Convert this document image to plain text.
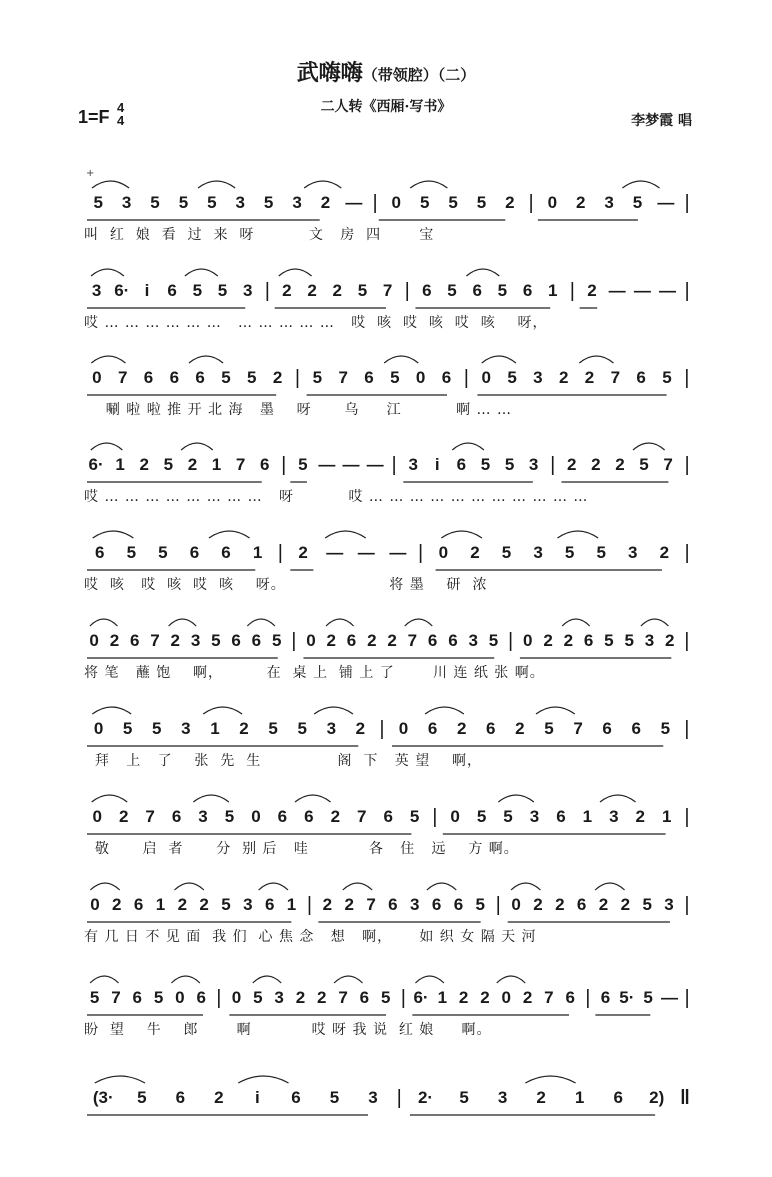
武嗨嗨（带领腔）（二）
二人转《西厢·写书》
1=F 4
4	李梦霞 唱
+
5	3	5	5	5	3	5	3	2 — | 0	5	5	5	2 | 0	2	3	5 — |
叫  红  娘  看  过  来  呀          文   房  四       宝
3 6· i	6 5 5 3 | 2 2 2 5 7 | 6 5 6 5 6 1 | 2 — — — |
哎 … … … … … …   … … … … …   哎  咳  哎  咳  哎  咳    呀，
0 7 6 6 6 5 5 2 | 5 7 6 5 0 6 | 0 5 3 2 2 7 6 5 |
唰 啦 啦 推 开 北 海   墨    呀      乌     江          啊 … …
6· 1 2 5 2 1 7 6 | 5 — — — | 3 i	6 5 5 3 | 2 2 2 5 7 |
哎 … … … … … … … …   呀          哎 … … … … … … … … … … …
6	5	5	6	6	1 | 2	— — — | 0	2	5	3	5	5	3	2 |
哎  咳   哎  咳  哎  咳    呀。                   将 墨    研  浓
0 2 6 7 2 3 5 6 6 5 | 0 2 6 2 2 7 6 6 3 5 | 0 2 2 6 5 5 3 2 |
将 笔   蘸 饱    啊，        在  桌 上  铺 上 了       川 连 纸 张 啊。
0	5	5	3	1	2	5	5	3	2 | 0	6	2	6	2	5	7	6	6	5 |
拜   上   了    张  先  生              阁  下   英 望    啊，
0 2 7 6 3 5 0 6 6 2 7 6 5 | 0 5 5 3 6 1 3 2 1 |
敬      启  者      分  别 后   哇           各   住   远    方 啊。
0 2 6 1 2 2 5 3 6 1 | 2 2 7 6 3 6 6 5 | 0 2 2 6 2 2 5 3 |
有 几 日 不 见 面  我 们  心 焦 念   想   啊，     如 织 女 隔 天 河
5 7 6 5 0 6 | 0 5 3 2 2 7 6 5 | 6· 1 2 2 0 2 7 6 | 6 5· 5 — |
盼  望    牛    郎       啊           哎 呀 我 说  红 娘     啊。
(3·	5	6	2	i	6	5	3 | 2·	5	3	2	1	6	2) ‖
